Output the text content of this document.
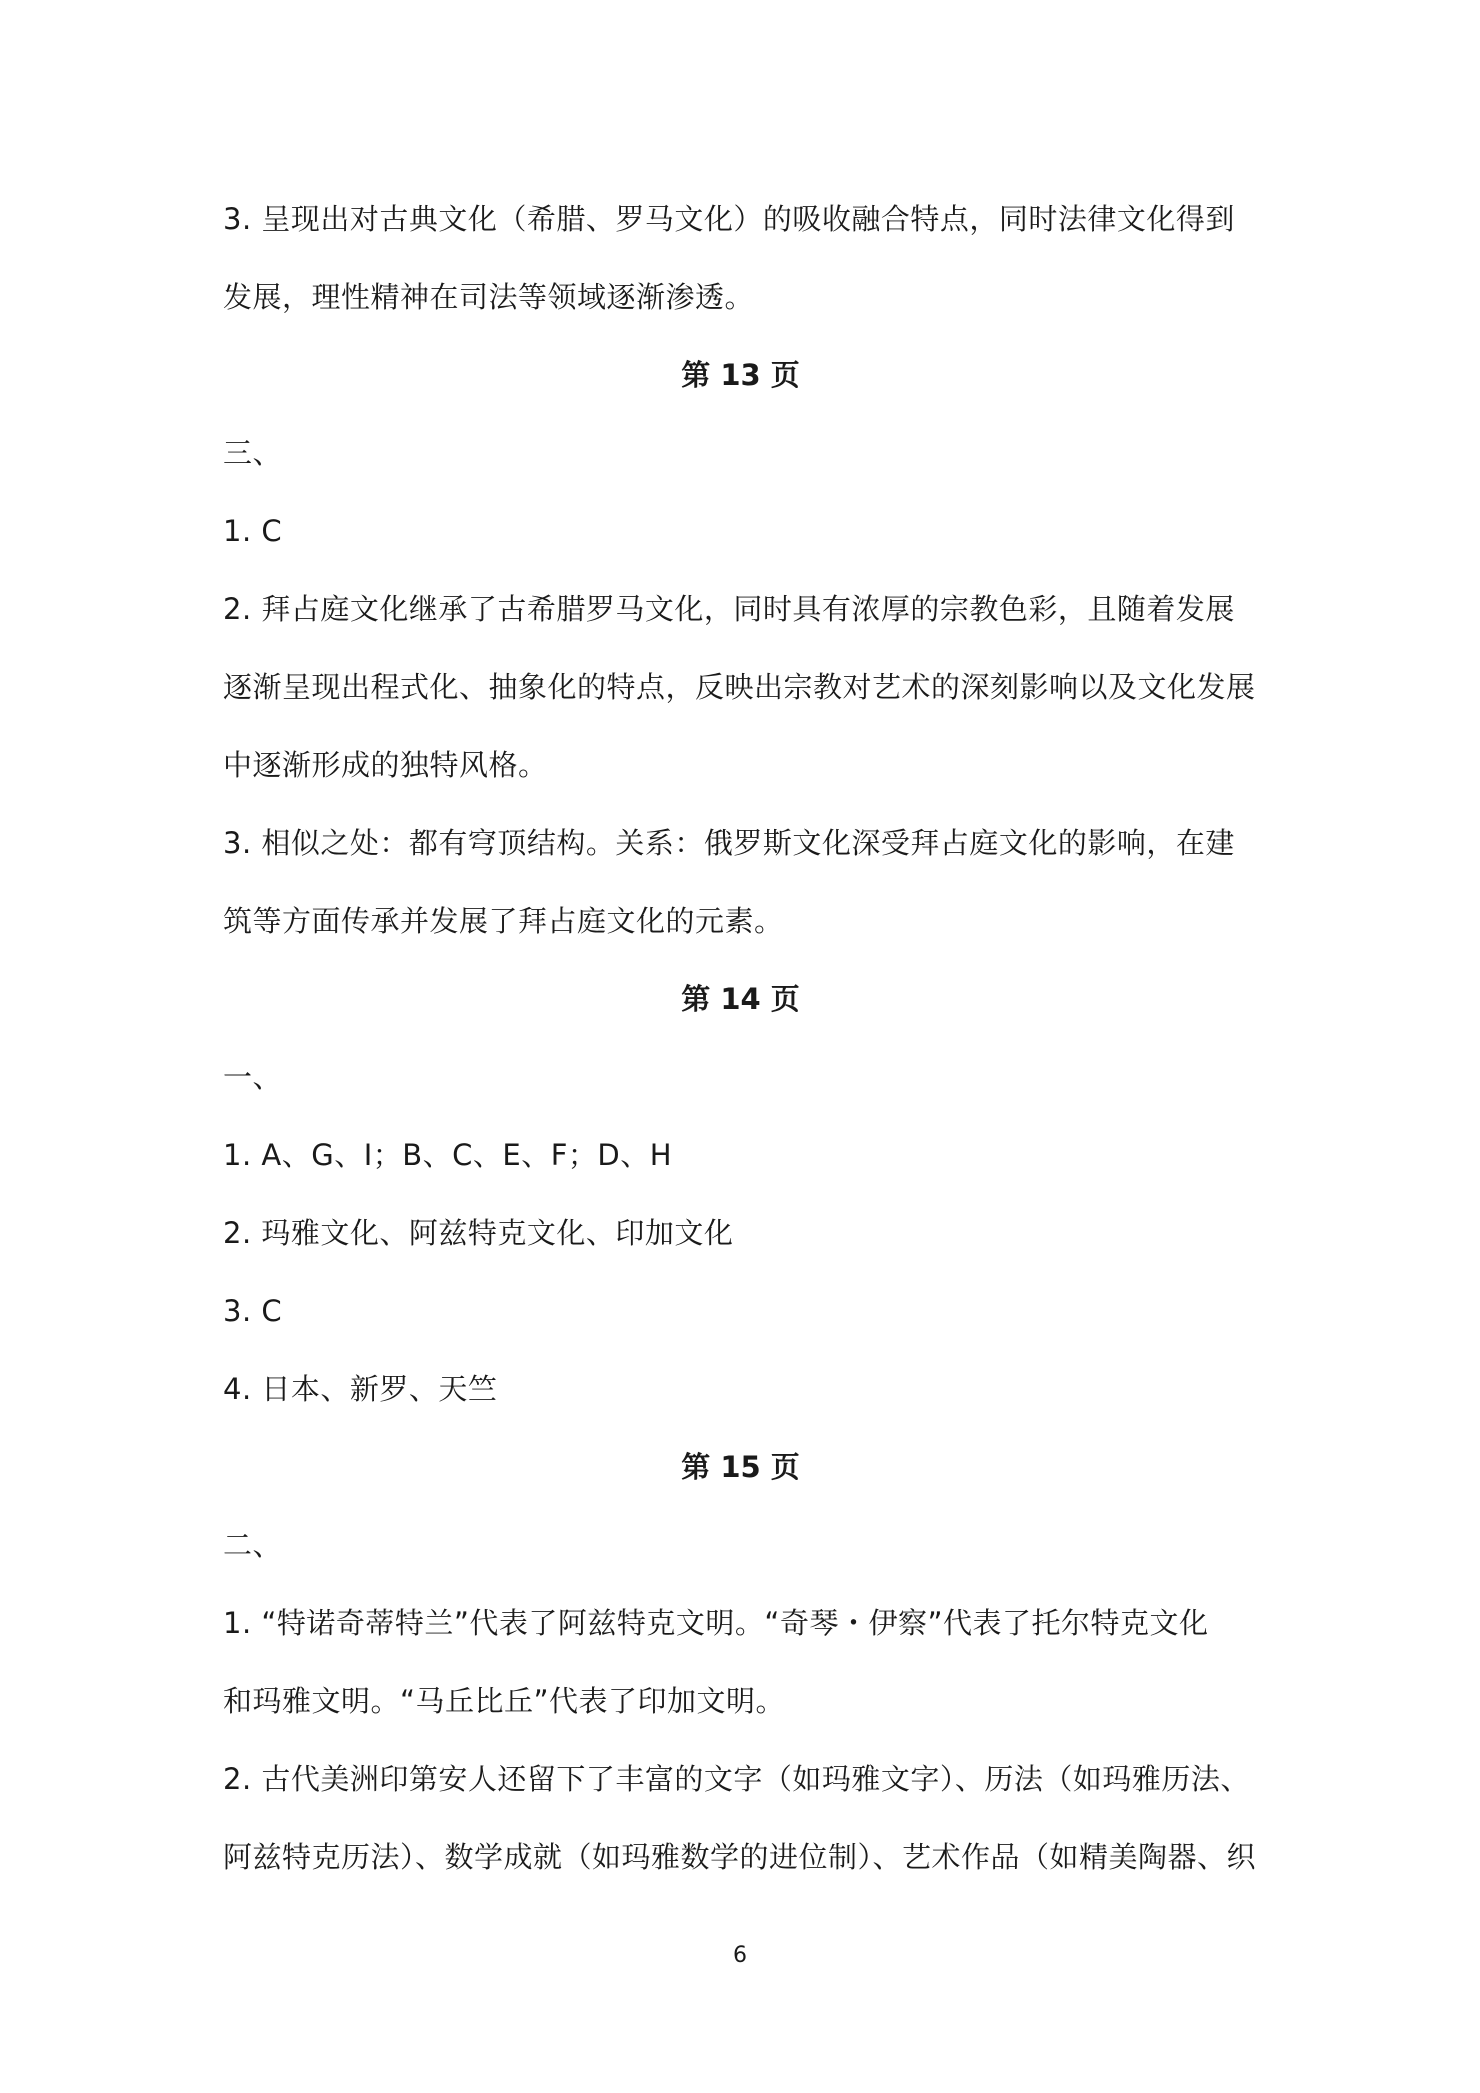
3. 呈现出对古典文化（希腊、罗马文化）的吸收融合特点，同时法律文化得到
发展，理性精神在司法等领域逐渐渗透。
第 13 页
三、
1. C
2. 拜占庭文化继承了古希腊罗马文化，同时具有浓厚的宗教色彩，且随着发展
逐渐呈现出程式化、抽象化的特点，反映出宗教对艺术的深刻影响以及文化发展
中逐渐形成的独特风格。
3. 相似之处：都有穹顶结构。关系：俄罗斯文化深受拜占庭文化的影响，在建
筑等方面传承并发展了拜占庭文化的元素。
第 14 页
一、
1. A、G、I；B、C、E、F；D、H
2. 玛雅文化、阿兹特克文化、印加文化
3. C
4. 日本、新罗、天竺
第 15 页
二、
1. “特诺奇蒂特兰”代表了阿兹特克文明。“奇琴・伊察”代表了托尔特克文化
和玛雅文明。“马丘比丘”代表了印加文明。
2. 古代美洲印第安人还留下了丰富的文字（如玛雅文字）、历法（如玛雅历法、
阿兹特克历法）、数学成就（如玛雅数学的进位制）、艺术作品（如精美陶器、织
6
